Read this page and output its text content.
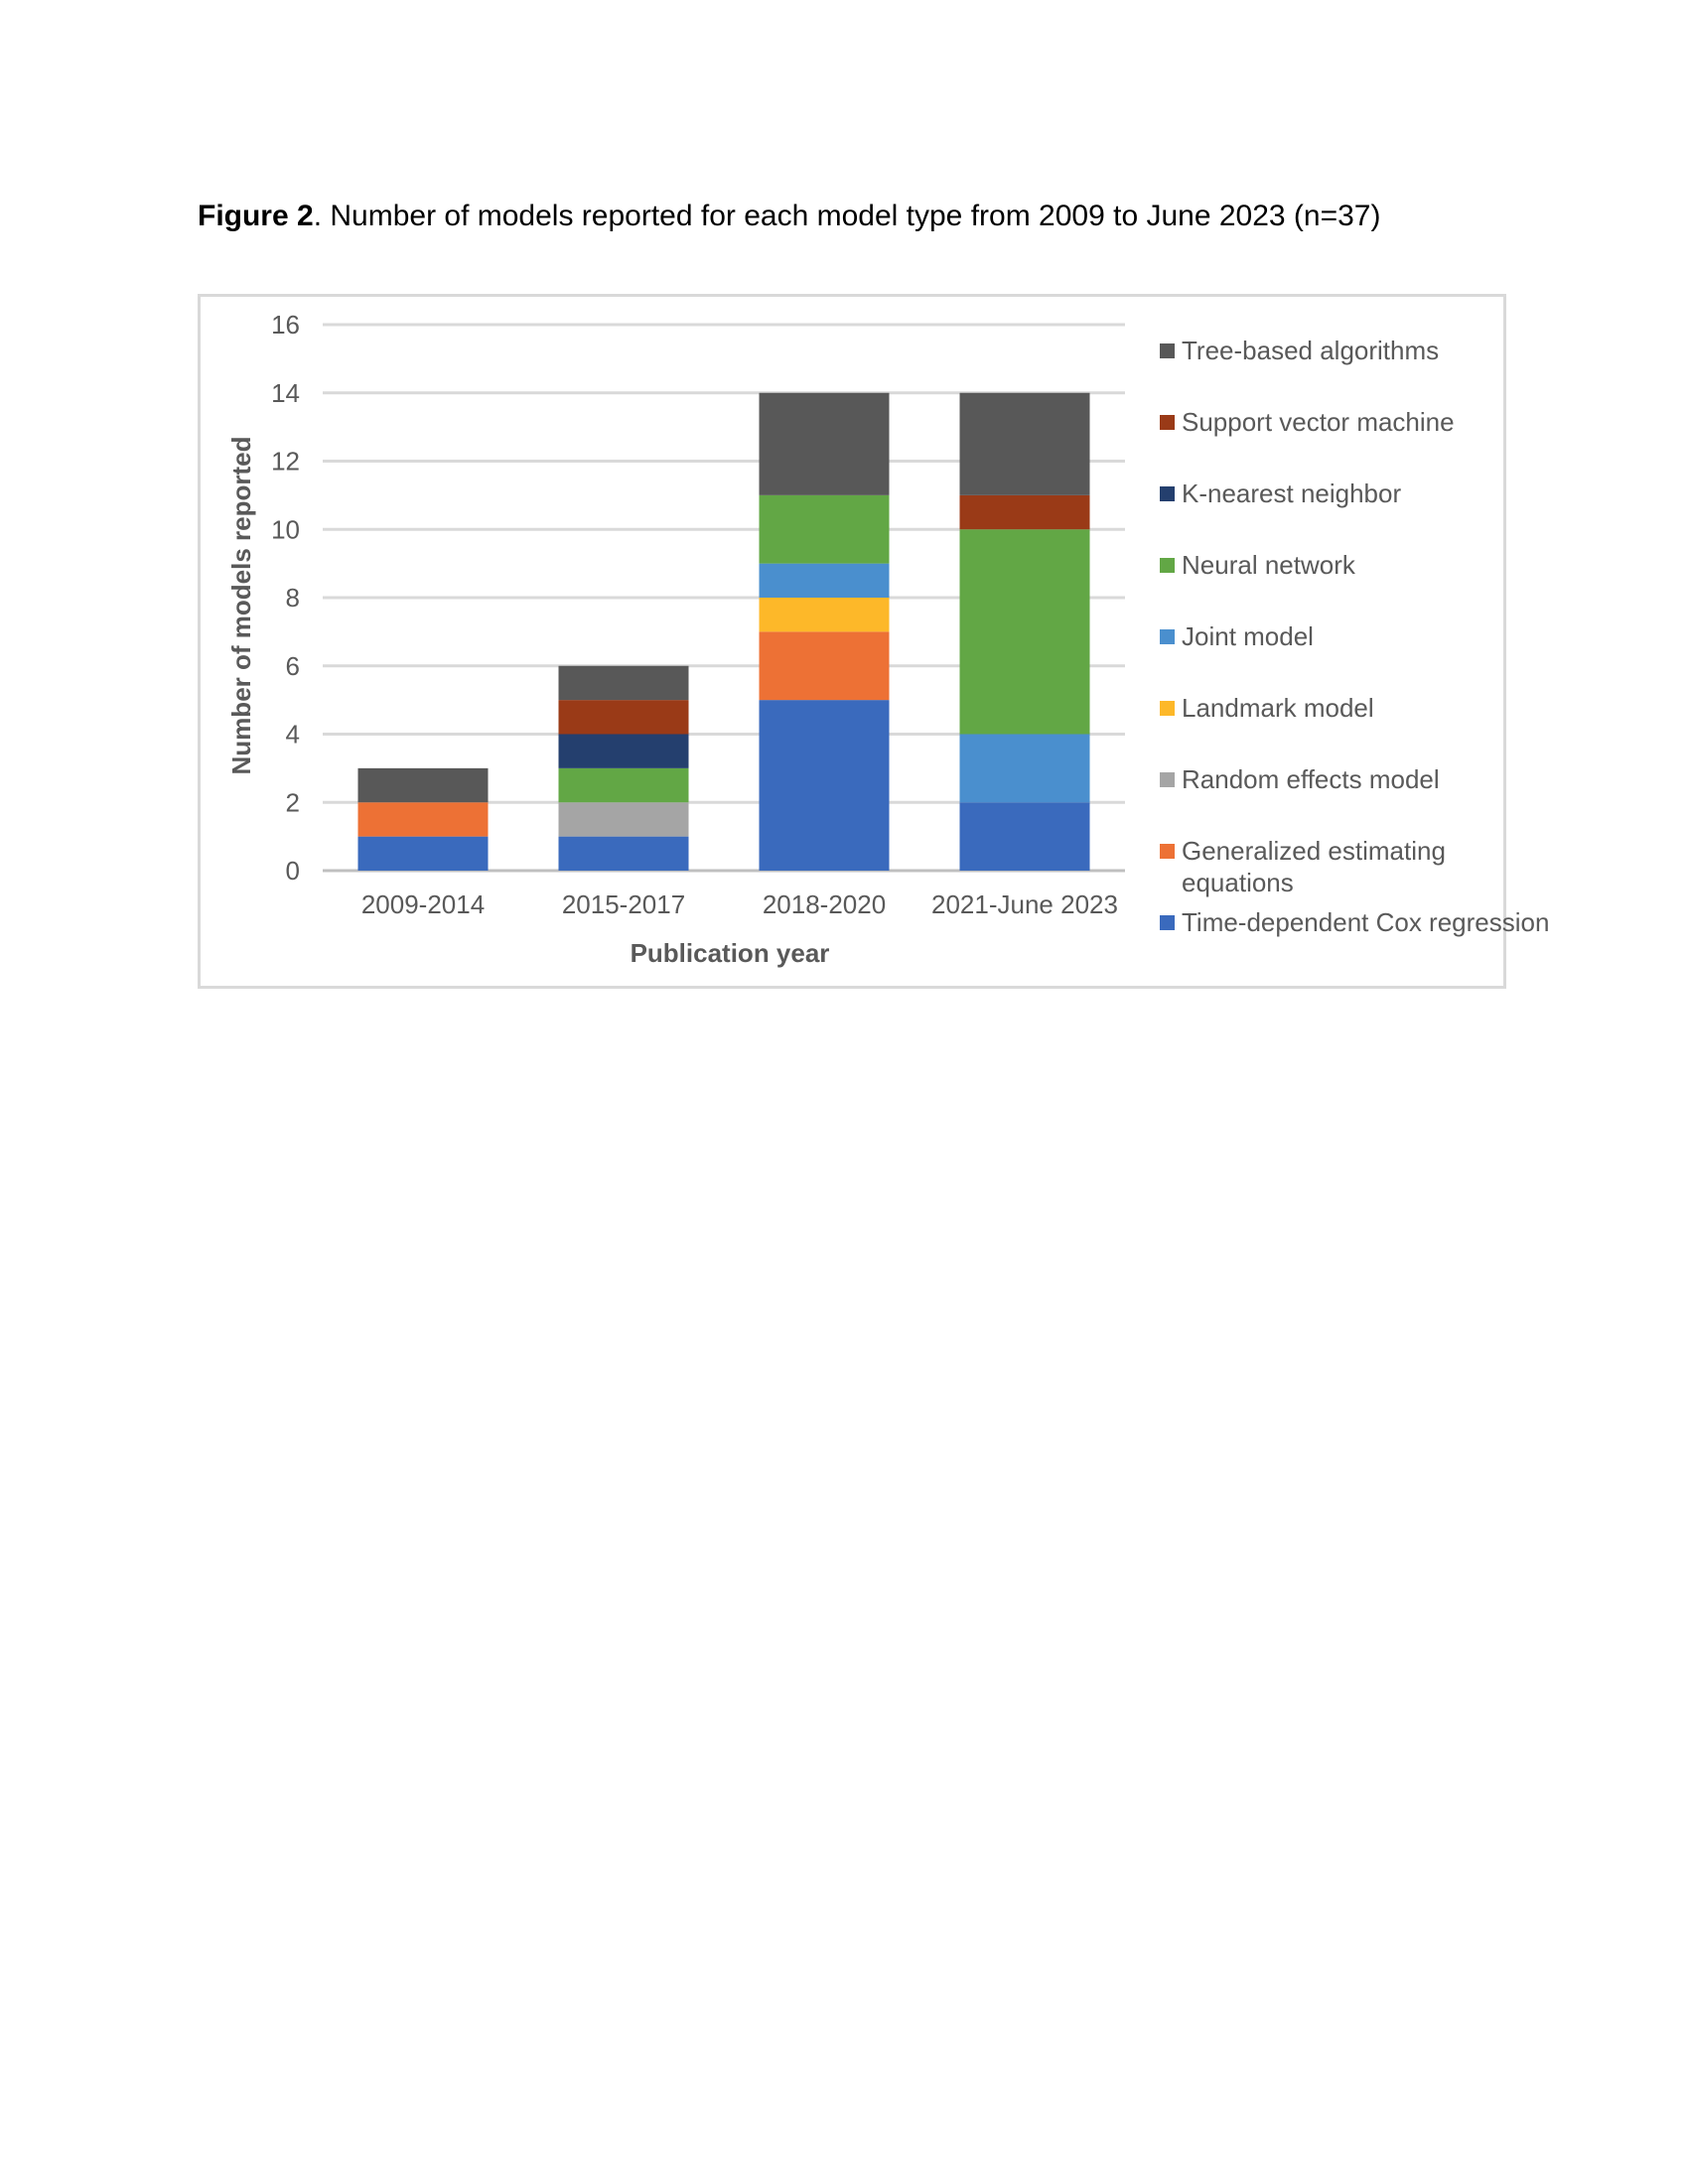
Figure 2. Number of models reported for each model type from 2009 to June 2023 (n=37)
0
2
4
6
8
10
12
14
16
2009-2014	2015-2017	2018-2020 2021-June 2023
Number of models reported
Publication year
Tree-based algorithms
Support vector machine
K-nearest neighbor
Neural network
Joint model
Landmark model
Random effects model
Generalized estimating equations
Time-dependent Cox regression
